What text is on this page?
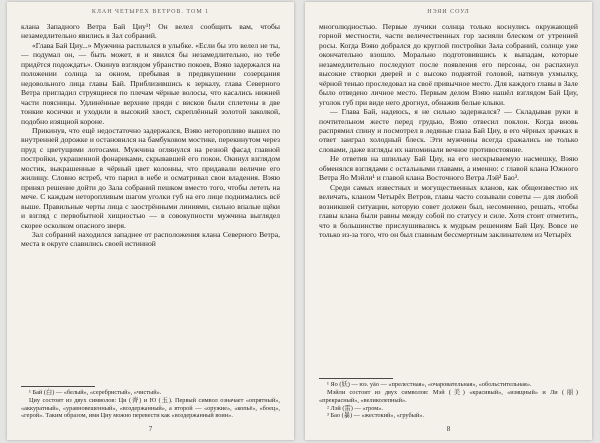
КЛАН ЧЕТЫРЕХ ВЕТРОВ. ТОМ 1

клана Западного Ветра Бай Циу¹! Он велел сообщить вам, чтобы незамедлительно явились в Зал собраний.

«Глава Бай Циу...» Мужчина расплылся в улыбке. «Если бы это велел не ты, — подумал он, — быть может, я и явился бы незамедлительно, но тебе придётся подождать». Окинув взглядом убранство покоев, Вэяю задержался на положении солнца за окном, пребывая в предвкушении созерцания недовольного лица главы Бай. Приблизившись к зеркалу, глава Северного Ветра пригладил струящиеся по плечам чёрные волосы, что касались нижней части поясницы. Удлинённые верхние пряди с висков были сплетены в две тонкие косички и уходили в высокий хвост, скреплённый золотой заколкой, подобно изящной короне.

Прикинув, что ещё недостаточно задержался, Вэяю неторопливо вышел по внутренней дорожке и остановился на бамбуковом мостике, перекинутом через пруд с цветущими лотосами. Мужчина оглянулся на резной фасад главной постройки, украшенной фонариками, скрывавшей его покои. Окинул взглядом мостик, выкрашенные в чёрный цвет колонны, что придавали величие его жилищу. Словно ястреб, что парил в небе и осматривал свои владения. Вэяю принял решение дойти до Зала собраний пешком вместо того, чтобы лететь на мече. С каждым неторопливым шагом уголки губ на его лице поднимались всё выше. Правильные черты лица с заострёнными линиями, сильно впалые щёки и взгляд с первобытной хищностью — в совокупности мужчина выглядел скорее осколком опасного зверя.

Зал собраний находился западнее от расположения клана Северного Ветра, места в округе славились своей истинной

¹ Бай (白) — «белый», «серебристый», «чистый».

Циу состоит из двух символов: Ци (齊) и Ю (玉). Первый символ означает «опрятный», «аккуратный», «уравновешенный», «воздержанный», а второй — «оружие», «копьё», «боец», «герой». Таким образом, имя Циу можно перевести как «воздержанный воин».

7
НЭЯИ СОУЛ

многолюдностью. Первые лучики солнца только коснулись окружающей горной местности, части величественных гор засияли блеском от утренней росы. Когда Вэяю добрался до круглой постройки Зала собраний, солнце уже окончательно взошло. Морально подготовившись к выпадам, которые незамедлительно последуют после появления его персоны, он распахнул высокие створки дверей и с высоко поднятой головой, натянув ухмылку, чёрной тенью проследовал на своё привычное место. Для каждого главы в Зале было отведено личное место. Первым делом Вэяю нашёл взглядом Бай Циу, уголок губ при виде него дрогнул, обнажив белые клыки.

— Глава Бай, надеюсь, я не сильно задержался? — Складывая руки в почтительном жесте перед грудью, Вэяю отвесил поклон. Когда вновь распрямил спину и посмотрел в ледяные глаза Бай Циу, в его чёрных зрачках в ответ заиграл холодный блеск. Эти мужчины всегда сражались не только словами, даже взгляды их напоминали вечное противостояние.

Не ответив на шпильку Бай Циу, на его нескрываемую насмешку, Вэяю обменялся взглядами с остальными главами, а именно: с главой клана Южного Ветра Яо Мэйли¹ и главой клана Восточного Ветра Лэй² Бао³.

Среди самых известных и могущественных кланов, как общеизвестно их величать, кланом Четырёх Ветров, главы часто созывали советы — для любой возникшей ситуации, которую совет должен был, несомненно, решать, чтобы главы клана были равны между собой по статусу и силе. Хотя стоит отметить, что в большинстве прислушивались к мудрым решениям Бай Циу. Вовсе не только из-за того, что он был главным бессмертным заклинателем из Четырёх

¹ Яо (妖) — юэ. yāo — «прелестная», «очаровательная», «обольстительная».

Мэйли состоит из двух символов: Мэй (美) «красивый», «изящный» и Ли (丽) «прекрасный», «великолепный».

² Лэй (雷) — «гром».

³ Бао (暴) — «жестокий», «грубый».

8
